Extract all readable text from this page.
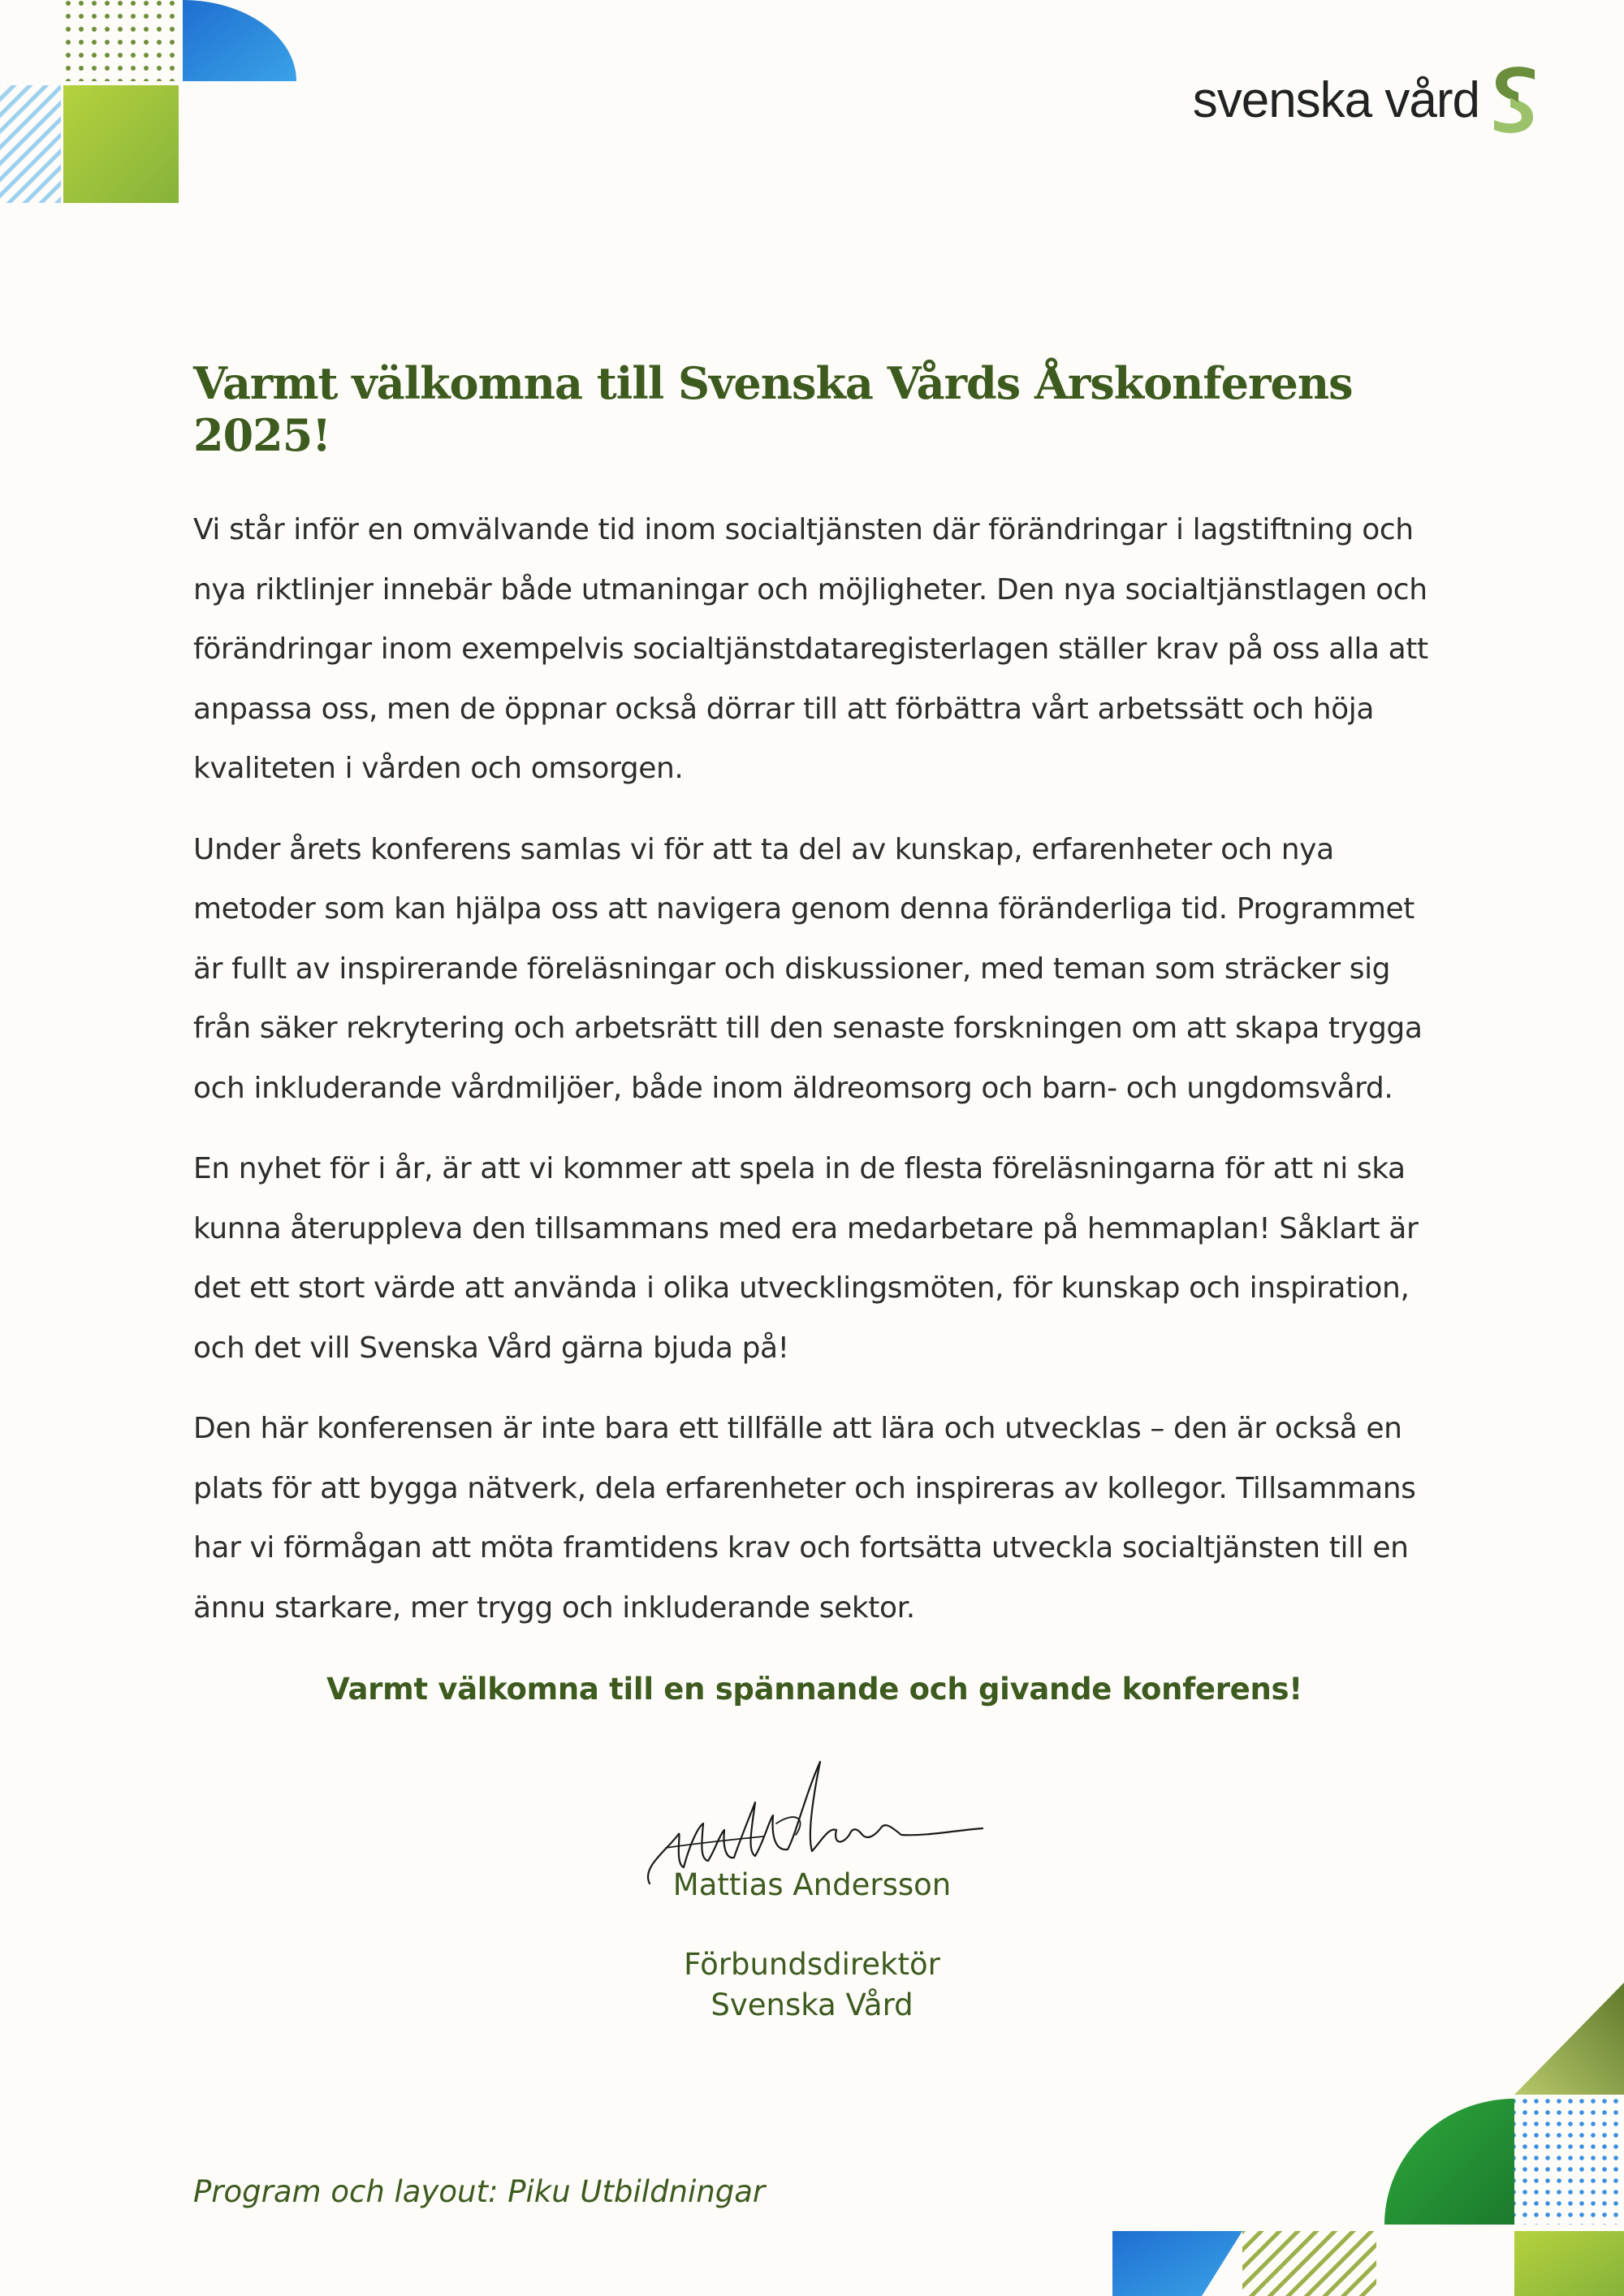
svenska vård
Varmt välkomna till Svenska Vårds Årskonferens 2025!

Vi står inför en omvälvande tid inom socialtjänsten där förändringar i lagstiftning och nya riktlinjer innebär både utmaningar och möjligheter. Den nya socialtjänstlagen och förändringar inom exempelvis socialtjänstdataregisterlagen ställer krav på oss alla att anpassa oss, men de öppnar också dörrar till att förbättra vårt arbetssätt och höja kvaliteten i vården och omsorgen.

Under årets konferens samlas vi för att ta del av kunskap, erfarenheter och nya metoder som kan hjälpa oss att navigera genom denna föränderliga tid. Programmet är fullt av inspirerande föreläsningar och diskussioner, med teman som sträcker sig från säker rekrytering och arbetsrätt till den senaste forskningen om att skapa trygga och inkluderande vårdmiljöer, både inom äldreomsorg och barn- och ungdomsvård.

En nyhet för i år, är att vi kommer att spela in de flesta föreläsningarna för att ni ska kunna återuppleva den tillsammans med era medarbetare på hemmaplan! Såklart är det ett stort värde att använda i olika utvecklingsmöten, för kunskap och inspiration, och det vill Svenska Vård gärna bjuda på!

Den här konferensen är inte bara ett tillfälle att lära och utvecklas – den är också en plats för att bygga nätverk, dela erfarenheter och inspireras av kollegor. Tillsammans har vi förmågan att möta framtidens krav och fortsätta utveckla socialtjänsten till en ännu starkare, mer trygg och inkluderande sektor.

Varmt välkomna till en spännande och givande konferens!
Mattias Andersson
Förbundsdirektör
Svenska Vård
Program och layout: Piku Utbildningar
